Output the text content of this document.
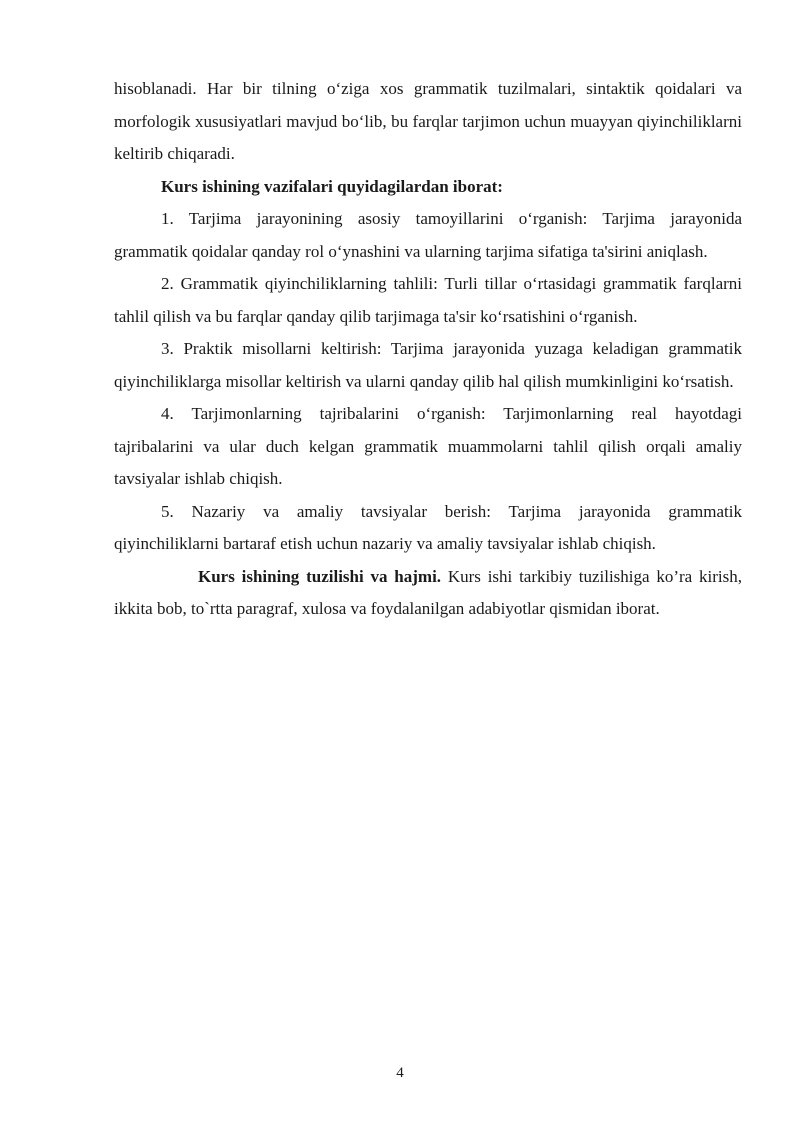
hisoblanadi. Har bir tilning o‘ziga xos grammatik tuzilmalari, sintaktik qoidalari va morfologik xususiyatlari mavjud bo‘lib, bu farqlar tarjimon uchun muayyan qiyinchiliklarni keltirib chiqaradi.

Kurs ishining vazifalari quyidagilardan iborat:

1. Tarjima jarayonining asosiy tamoyillarini o‘rganish: Tarjima jarayonida grammatik qoidalar qanday rol o‘ynashini va ularning tarjima sifatiga ta'sirini aniqlash.

2. Grammatik qiyinchiliklarning tahlili: Turli tillar o‘rtasidagi grammatik farqlarni tahlil qilish va bu farqlar qanday qilib tarjimaga ta'sir ko‘rsatishini o‘rganish.

3. Praktik misollarni keltirish: Tarjima jarayonida yuzaga keladigan grammatik qiyinchiliklarga misollar keltirish va ularni qanday qilib hal qilish mumkinligini ko‘rsatish.

4. Tarjimonlarning tajribalarini o‘rganish: Tarjimonlarning real hayotdagi tajribalarini va ular duch kelgan grammatik muammolarni tahlil qilish orqali amaliy tavsiyalar ishlab chiqish.

5. Nazariy va amaliy tavsiyalar berish: Tarjima jarayonida grammatik qiyinchiliklarni bartaraf etish uchun nazariy va amaliy tavsiyalar ishlab chiqish.

Kurs ishining tuzilishi va hajmi. Kurs ishi tarkibiy tuzilishiga ko’ra kirish, ikkita bob, to`rtta paragraf, xulosa va foydalanilgan adabiyotlar qismidan iborat.

4
